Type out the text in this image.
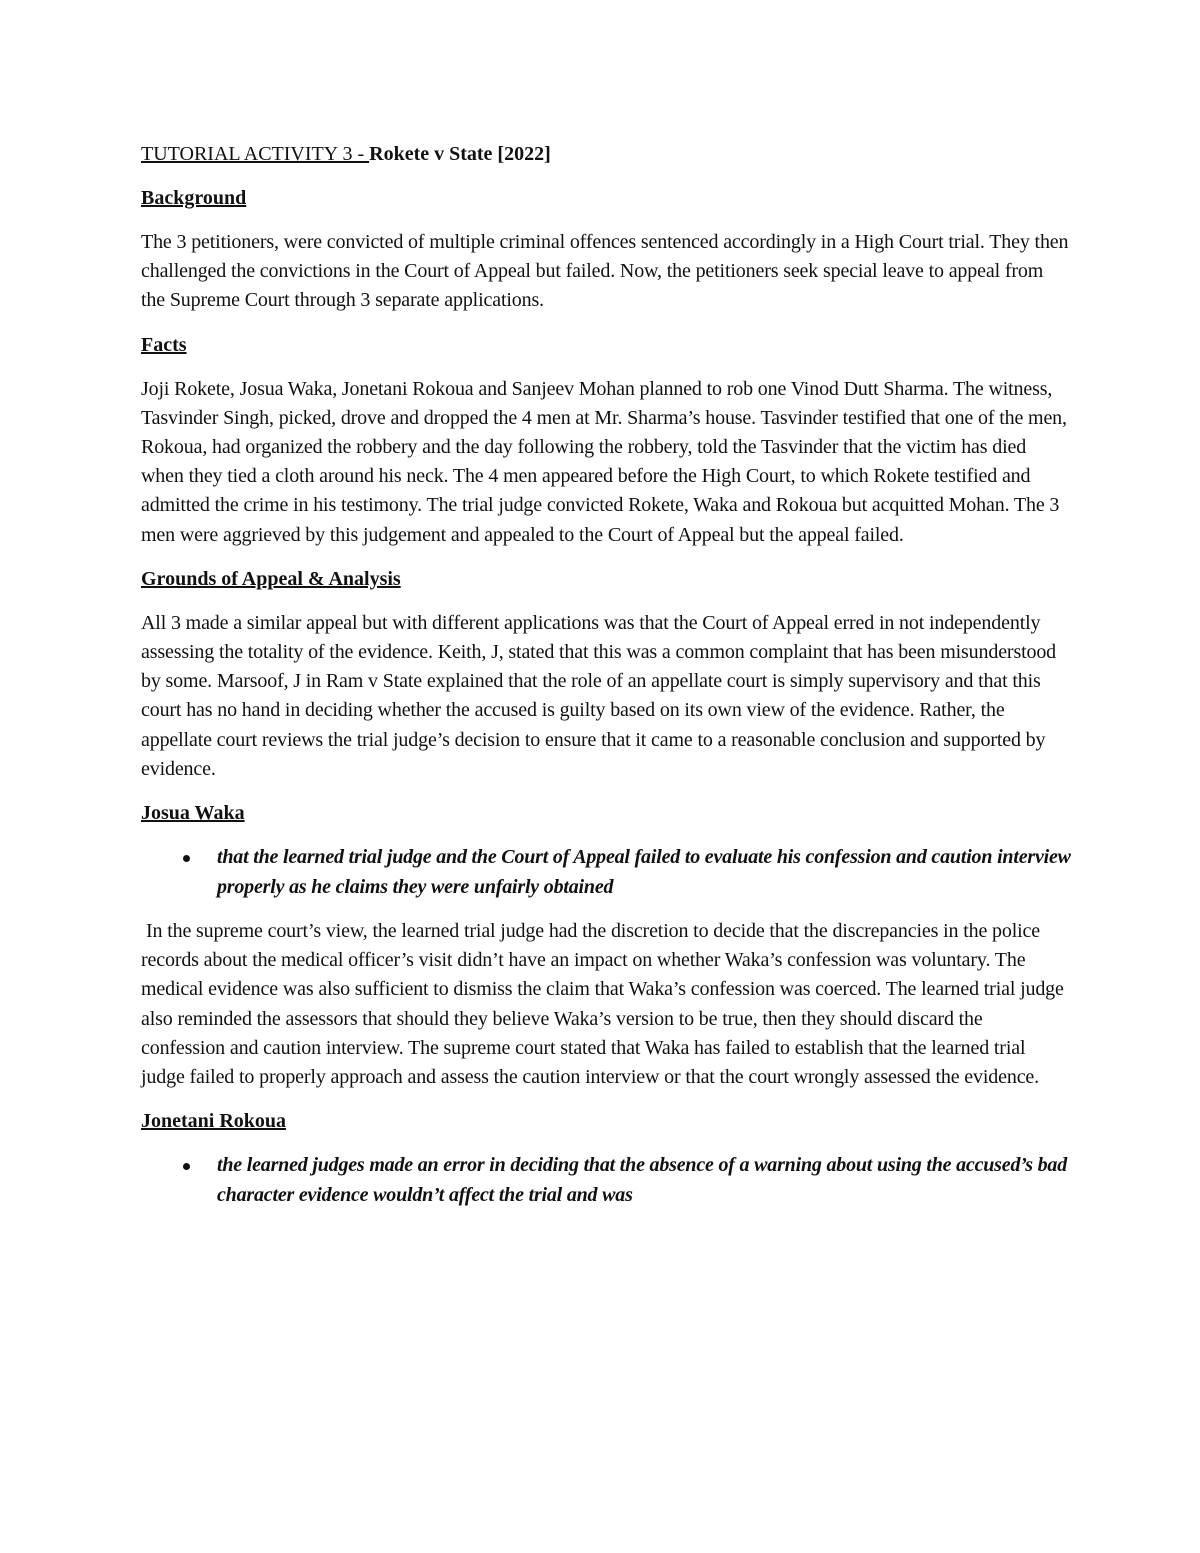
TUTORIAL ACTIVITY 3 - Rokete v State [2022]
Background
The 3 petitioners, were convicted of multiple criminal offences sentenced accordingly in a High Court trial. They then challenged the convictions in the Court of Appeal but failed. Now, the petitioners seek special leave to appeal from the Supreme Court through 3 separate applications.
Facts
Joji Rokete, Josua Waka, Jonetani Rokoua and Sanjeev Mohan planned to rob one Vinod Dutt Sharma. The witness, Tasvinder Singh, picked, drove and dropped the 4 men at Mr. Sharma’s house. Tasvinder testified that one of the men, Rokoua, had organized the robbery and the day following the robbery, told the Tasvinder that the victim has died when they tied a cloth around his neck. The 4 men appeared before the High Court, to which Rokete testified and admitted the crime in his testimony. The trial judge convicted Rokete, Waka and Rokoua but acquitted Mohan. The 3 men were aggrieved by this judgement and appealed to the Court of Appeal but the appeal failed.
Grounds of Appeal & Analysis
All 3 made a similar appeal but with different applications was that the Court of Appeal erred in not independently assessing the totality of the evidence. Keith, J, stated that this was a common complaint that has been misunderstood by some. Marsoof, J in Ram v State explained that the role of an appellate court is simply supervisory and that this court has no hand in deciding whether the accused is guilty based on its own view of the evidence. Rather, the appellate court reviews the trial judge’s decision to ensure that it came to a reasonable conclusion and supported by evidence.
Josua Waka
that the learned trial judge and the Court of Appeal failed to evaluate his confession and caution interview properly as he claims they were unfairly obtained
In the supreme court’s view, the learned trial judge had the discretion to decide that the discrepancies in the police records about the medical officer’s visit didn’t have an impact on whether Waka’s confession was voluntary. The medical evidence was also sufficient to dismiss the claim that Waka’s confession was coerced. The learned trial judge also reminded the assessors that should they believe Waka’s version to be true, then they should discard the confession and caution interview. The supreme court stated that Waka has failed to establish that the learned trial judge failed to properly approach and assess the caution interview or that the court wrongly assessed the evidence.
Jonetani Rokoua
the learned judges made an error in deciding that the absence of a warning about using the accused’s bad character evidence wouldn’t affect the trial and was
